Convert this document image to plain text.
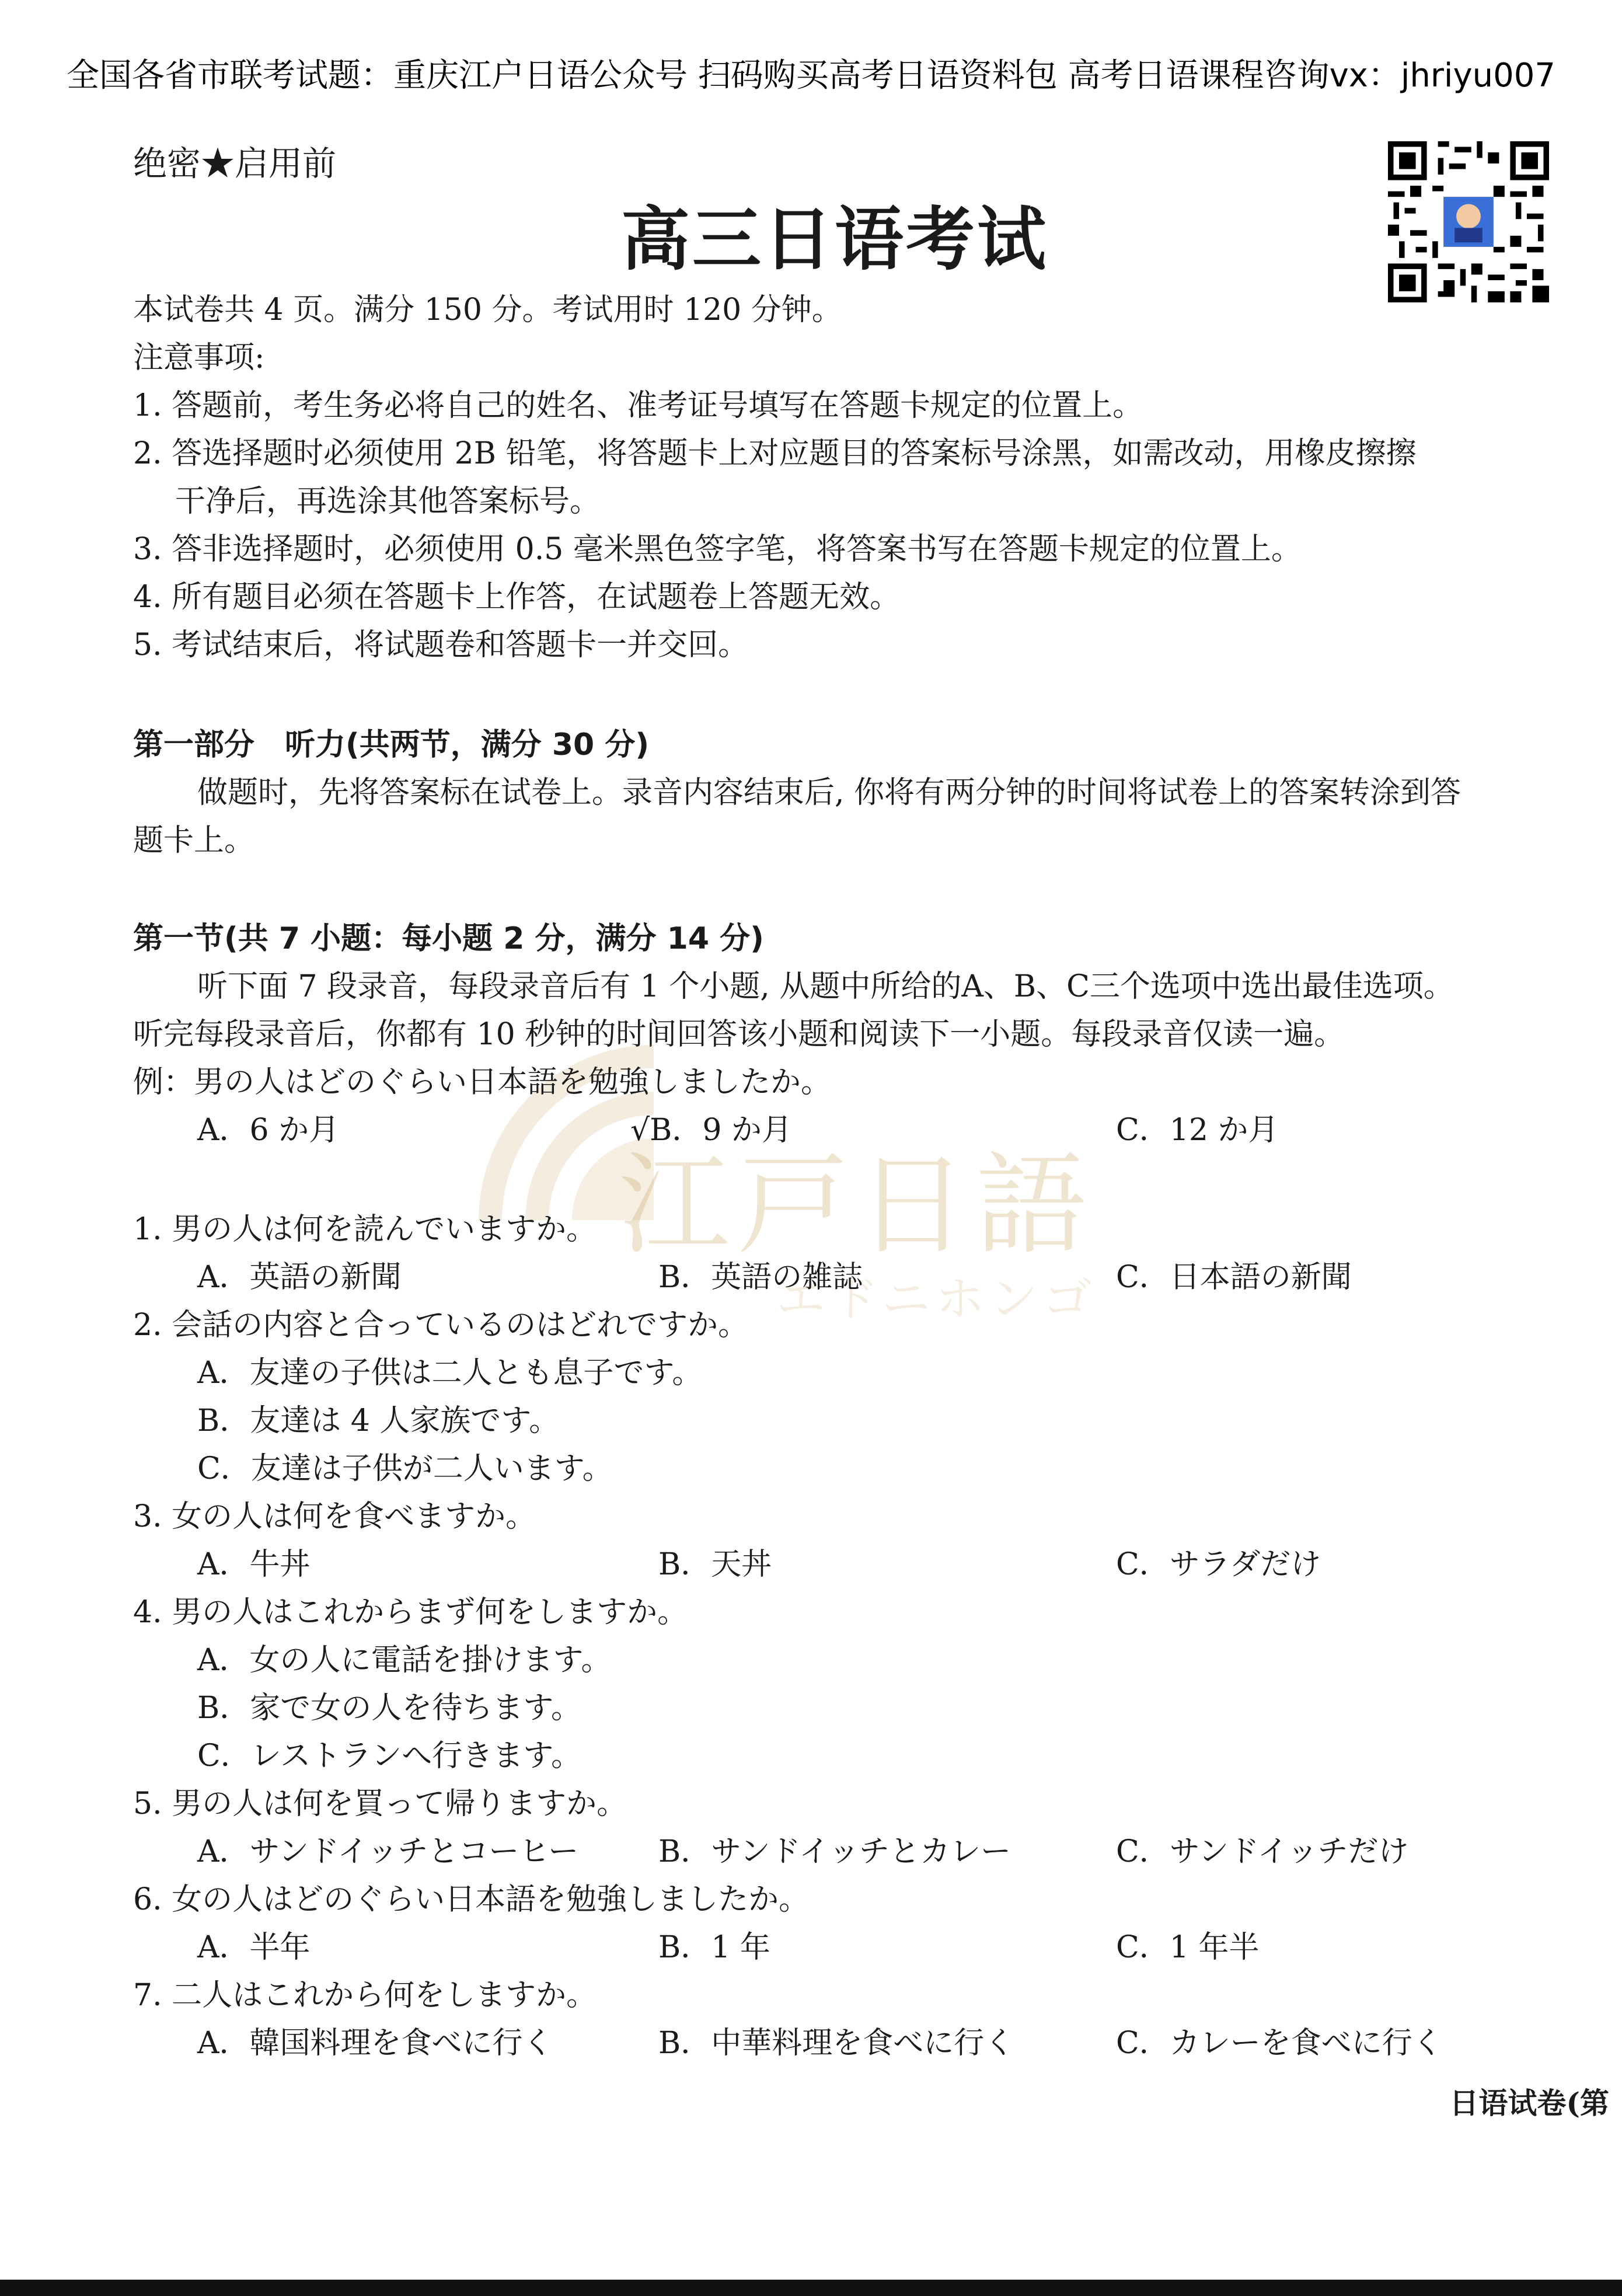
全国各省市联考试题：重庆江户日语公众号 扫码购买高考日语资料包 高考日语课程咨询vx：jhriyu007
绝密★启用前
高三日语考试
本试卷共 4 页。满分 150 分。考试用时 120 分钟。
注意事项:
1. 答题前，考生务必将自己的姓名、准考证号填写在答题卡规定的位置上。
2. 答选择题时必须使用 2B 铅笔，将答题卡上对应题目的答案标号涂黑，如需改动，用橡皮擦擦
干净后，再选涂其他答案标号。
3. 答非选择题时，必须使用 0.5 毫米黑色签字笔，将答案书写在答题卡规定的位置上。
4. 所有题目必须在答题卡上作答，在试题卷上答题无效。
5. 考试结束后，将试题卷和答题卡一并交回。
第一部分　听力(共两节，满分 30 分)
做题时，先将答案标在试卷上。录音内容结束后, 你将有两分钟的时间将试卷上的答案转涂到答
题卡上。
第一节(共 7 小题：每小题 2 分，满分 14 分)
听下面 7 段录音，每段录音后有 1 个小题, 从题中所给的A、B、C三个选项中选出最佳选项。
听完每段录音后，你都有 10 秒钟的时间回答该小题和阅读下一小题。每段录音仅读一遍。
江戸日語
エドニホンゴ
例：男の人はどのぐらい日本語を勉強しましたか。
A．6 か月	√B．9 か月	C．12 か月
1. 男の人は何を読んでいますか。
A．英語の新聞	B．英語の雑誌	C．日本語の新聞
2. 会話の内容と合っているのはどれですか。
A．友達の子供は二人とも息子です。
B．友達は 4 人家族です。
C．友達は子供が二人います。
3. 女の人は何を食べますか。
A．牛丼	B．天丼	C．サラダだけ
4. 男の人はこれからまず何をしますか。
A．女の人に電話を掛けます。
B．家で女の人を待ちます。
C．レストランへ行きます。
5. 男の人は何を買って帰りますか。
A．サンドイッチとコーヒー	B．サンドイッチとカレー	C．サンドイッチだけ
6. 女の人はどのぐらい日本語を勉強しましたか。
A．半年	B．1 年	C．1 年半
7. 二人はこれから何をしますか。
A．韓国料理を食べに行く	B．中華料理を食べに行く	C．カレーを食べに行く
日语试卷(第
